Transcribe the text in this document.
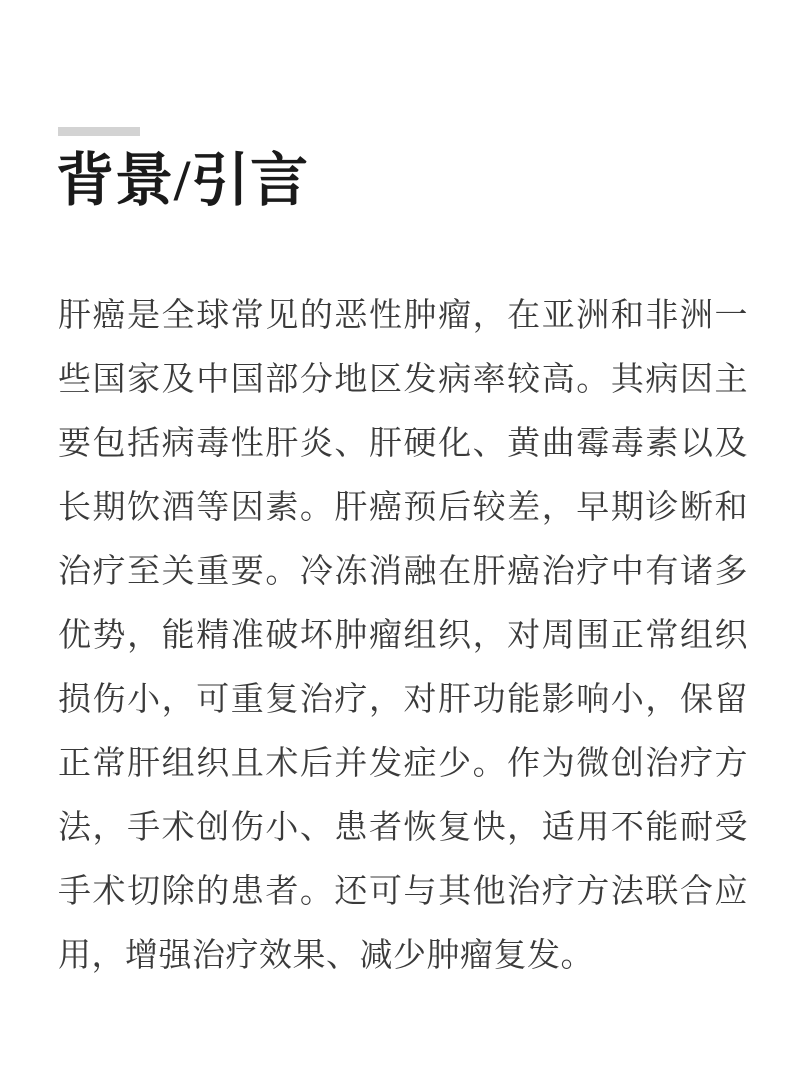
背景/引言

肝癌是全球常见的恶性肿瘤，在亚洲和非洲一些国家及中国部分地区发病率较高。其病因主要包括病毒性肝炎、肝硬化、黄曲霉毒素以及长期饮酒等因素。肝癌预后较差，早期诊断和治疗至关重要。冷冻消融在肝癌治疗中有诸多优势，能精准破坏肿瘤组织，对周围正常组织损伤小，可重复治疗，对肝功能影响小，保留正常肝组织且术后并发症少。作为微创治疗方法，手术创伤小、患者恢复快，适用不能耐受手术切除的患者。还可与其他治疗方法联合应用，增强治疗效果、减少肿瘤复发。
